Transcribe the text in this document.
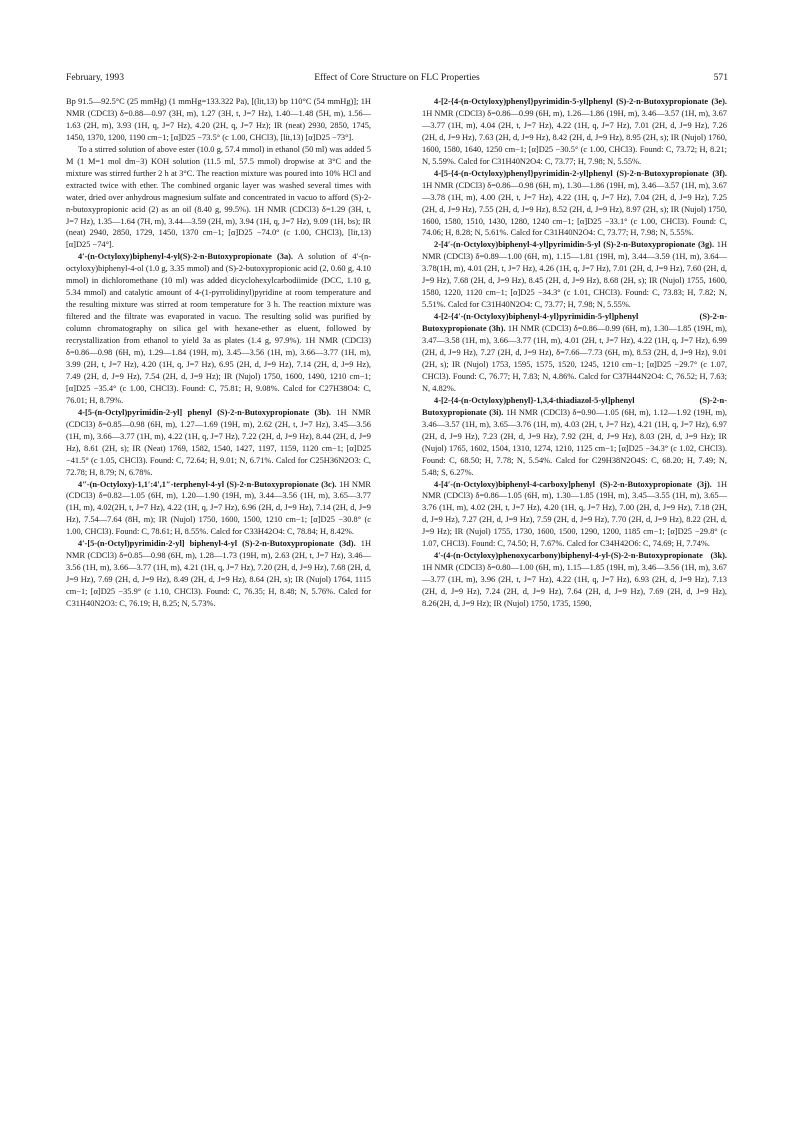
February, 1993	Effect of Core Structure on FLC Properties	571

Bp 91.5—92.5°C (25 mmHg) (1 mmHg=133.322 Pa), [(lit,13) bp 110°C (54 mmHg)]; 1H NMR (CDCl3) δ=0.88—0.97 (3H, m), 1.27 (3H, t, J=7 Hz), 1.40—1.48 (5H, m), 1.56—1.63 (2H, m), 3.93 (1H, q, J=7 Hz), 4.20 (2H, q, J=7 Hz); IR (neat) 2930, 2850, 1745, 1450, 1370, 1200, 1190 cm−1; [α]D25 −73.5° (c 1.00, CHCl3), [lit,13) [α]D25 −73°].

To a stirred solution of above ester (10.0 g, 57.4 mmol) in ethanol (50 ml) was added 5 M (1 M=1 mol dm−3) KOH solution (11.5 ml, 57.5 mmol) dropwise at 3°C and the mixture was stirred further 2 h at 3°C. The reaction mixture was poured into 10% HCl and extracted twice with ether. The combined organic layer was washed several times with water, dried over anhydrous magnesium sulfate and concentrated in vacuo to afford (S)-2-n-butoxypropionic acid (2) as an oil (8.40 g, 99.5%). 1H NMR (CDCl3) δ=1.29 (3H, t, J=7 Hz), 1.35—1.64 (7H, m), 3.44—3.59 (2H, m), 3.94 (1H, q, J=7 Hz), 9.09 (1H, bs); IR (neat) 2940, 2850, 1729, 1450, 1370 cm−1; [α]D25 −74.0° (c 1.00, CHCl3), [lit,13) [α]D25 −74°].

4′-(n-Octyloxy)biphenyl-4-yl(S)-2-n-Butoxypropionate (3a). A solution of 4′-(n-octyloxy)biphenyl-4-ol (1.0 g, 3.35 mmol) and (S)-2-butoxypropionic acid (2, 0.60 g, 4.10 mmol) in dichloromethane (10 ml) was added dicyclohexylcarbodiimide (DCC, 1.10 g, 5.34 mmol) and catalytic amount of 4-(1-pyrrolidinyl)pyridine at room temperature and the resulting mixture was stirred at room temperature for 3 h. The reaction mixture was filtered and the filtrate was evaporated in vacuo. The resulting solid was purified by column chromatography on silica gel with hexane-ether as eluent, followed by recrystallization from ethanol to yield 3a as plates (1.4 g, 97.9%). 1H NMR (CDCl3) δ=0.86—0.98 (6H, m), 1.29—1.84 (19H, m), 3.45—3.56 (1H, m), 3.66—3.77 (1H, m), 3.99 (2H, t, J=7 Hz), 4.20 (1H, q, J=7 Hz), 6.95 (2H, d, J=9 Hz), 7.14 (2H, d, J=9 Hz), 7.49 (2H, d, J=9 Hz), 7.54 (2H, d, J=9 Hz); IR (Nujol) 1750, 1600, 1490, 1210 cm−1; [α]D25 −35.4° (c 1.00, CHCl3). Found: C, 75.81; H, 9.08%. Calcd for C27H38O4: C, 76.01; H, 8.79%.

4-[5-(n-Octyl)pyrimidin-2-yl] phenyl (S)-2-n-Butoxypropionate (3b). 1H NMR (CDCl3) δ=0.85—0.98 (6H, m), 1.27—1.69 (19H, m), 2.62 (2H, t, J=7 Hz), 3.45—3.56 (1H, m), 3.66—3.77 (1H, m), 4.22 (1H, q, J=7 Hz), 7.22 (2H, d, J=9 Hz), 8.44 (2H, d, J=9 Hz), 8.61 (2H, s); IR (Neat) 1769, 1582, 1540, 1427, 1197, 1159, 1120 cm−1; [α]D25 −41.5° (c 1.05, CHCl3). Found: C, 72.64; H, 9.01; N, 6.71%. Calcd for C25H36N2O3: C, 72.78; H, 8.79; N, 6.78%.

4″-(n-Octyloxy)-1,1′:4′,1″-terphenyl-4-yl (S)-2-n-Butoxypropionate (3c). 1H NMR (CDCl3) δ=0.82—1.05 (6H, m), 1.20—1.90 (19H, m), 3.44—3.56 (1H, m), 3.65—3.77 (1H, m), 4.02(2H, t, J=7 Hz), 4.22 (1H, q, J=7 Hz), 6.96 (2H, d, J=9 Hz), 7.14 (2H, d, J=9 Hz), 7.54—7.64 (8H, m); IR (Nujol) 1750, 1600, 1500, 1210 cm−1; [α]D25 −30.8° (c 1.00, CHCl3). Found: C, 78.61; H, 8.55%. Calcd for C33H42O4: C, 78.84; H, 8.42%.

4′-[5-(n-Octyl)pyrimidin-2-yl] biphenyl-4-yl (S)-2-n-Butoxypropionate (3d). 1H NMR (CDCl3) δ=0.85—0.98 (6H, m), 1.28—1.73 (19H, m), 2.63 (2H, t, J=7 Hz), 3.46—3.56 (1H, m), 3.66—3.77 (1H, m), 4.21 (1H, q, J=7 Hz), 7.20 (2H, d, J=9 Hz), 7.68 (2H, d, J=9 Hz), 7.69 (2H, d, J=9 Hz), 8.49 (2H, d, J=9 Hz), 8.64 (2H, s); IR (Nujol) 1764, 1115 cm−1; [α]D25 −35.9° (c 1.10, CHCl3). Found: C, 76.35; H, 8.48; N, 5.76%. Calcd for C31H40N2O3: C, 76.19; H, 8.25; N, 5.73%.

4-[2-{4-(n-Octyloxy)phenyl}pyrimidin-5-yl]phenyl (S)-2-n-Butoxypropionate (3e). 1H NMR (CDCl3) δ=0.86—0.99 (6H, m), 1.26—1.86 (19H, m), 3.46—3.57 (1H, m), 3.67—3.77 (1H, m), 4.04 (2H, t, J=7 Hz), 4.22 (1H, q, J=7 Hz), 7.01 (2H, d, J=9 Hz), 7.26 (2H, d, J=9 Hz), 7.63 (2H, d, J=9 Hz), 8.42 (2H, d, J=9 Hz), 8.95 (2H, s); IR (Nujol) 1760, 1600, 1580, 1640, 1250 cm−1; [α]D25 −30.5° (c 1.00, CHCl3). Found: C, 73.72; H, 8.21; N, 5.59%. Calcd for C31H40N2O4: C, 73.77; H, 7.98; N, 5.55%.

4-[5-{4-(n-Octyloxy)phenyl}pyrimidin-2-yl]phenyl (S)-2-n-Butoxypropionate (3f). 1H NMR (CDCl3) δ=0.86—0.98 (6H, m), 1.30—1.86 (19H, m), 3.46—3.57 (1H, m), 3.67—3.78 (1H, m), 4.00 (2H, t, J=7 Hz), 4.22 (1H, q, J=7 Hz), 7.04 (2H, d, J=9 Hz), 7.25 (2H, d, J=9 Hz), 7.55 (2H, d, J=9 Hz), 8.52 (2H, d, J=9 Hz), 8.97 (2H, s); IR (Nujol) 1750, 1600, 1580, 1510, 1430, 1280, 1240 cm−1; [α]D25 −33.1° (c 1.00, CHCl3). Found: C, 74.06; H, 8.28; N, 5.61%. Calcd for C31H40N2O4: C, 73.77; H, 7.98; N, 5.55%.

2-[4′-(n-Octyloxy)biphenyl-4-yl]pyrimidin-5-yl (S)-2-n-Butoxypropionate (3g). 1H NMR (CDCl3) δ=0.89—1.00 (6H, m), 1.15—1.81 (19H, m), 3.44—3.59 (1H, m), 3.64—3.78(1H, m), 4.01 (2H, t, J=7 Hz), 4.26 (1H, q, J=7 Hz), 7.01 (2H, d, J=9 Hz), 7.60 (2H, d, J=9 Hz), 7.68 (2H, d, J=9 Hz), 8.45 (2H, d, J=9 Hz), 8.68 (2H, s); IR (Nujol) 1755, 1600, 1580, 1220, 1120 cm−1; [α]D25 −34.3° (c 1.01, CHCl3). Found: C, 73.83; H, 7.82; N, 5.51%. Calcd for C31H40N2O4: C, 73.77; H, 7.98; N, 5.55%.

4-[2-{4′-(n-Octyloxy)biphenyl-4-yl}pyrimidin-5-yl]phenyl (S)-2-n-Butoxypropionate (3h). 1H NMR (CDCl3) δ=0.86—0.99 (6H, m), 1.30—1.85 (19H, m), 3.47—3.58 (1H, m), 3.66—3.77 (1H, m), 4.01 (2H, t, J=7 Hz), 4.22 (1H, q, J=7 Hz), 6.99 (2H, d, J=9 Hz), 7.27 (2H, d, J=9 Hz), δ=7.66—7.73 (6H, m), 8.53 (2H, d, J=9 Hz), 9.01 (2H, s); IR (Nujol) 1753, 1595, 1575, 1520, 1245, 1210 cm−1; [α]D25 −29.7° (c 1.07, CHCl3). Found: C, 76.77; H, 7.83; N, 4.86%. Calcd for C37H44N2O4: C, 76.52; H, 7.63; N, 4.82%.

4-[2-{4-(n-Octyloxy)phenyl}-1,3,4-thiadiazol-5-yl]phenyl (S)-2-n-Butoxypropionate (3i). 1H NMR (CDCl3) δ=0.90—1.05 (6H, m), 1.12—1.92 (19H, m), 3.46—3.57 (1H, m), 3.65—3.76 (1H, m), 4.03 (2H, t, J=7 Hz), 4.21 (1H, q, J=7 Hz), 6.97 (2H, d, J=9 Hz), 7.23 (2H, d, J=9 Hz), 7.92 (2H, d, J=9 Hz), 8.03 (2H, d, J=9 Hz); IR (Nujol) 1765, 1602, 1504, 1310, 1274, 1210, 1125 cm−1; [α]D25 −34.3° (c 1.02, CHCl3). Found: C, 68.50; H, 7.78; N, 5.54%. Calcd for C29H38N2O4S: C, 68.20; H, 7.49; N, 5.48; S, 6.27%.

4-[4′-(n-Octyloxy)biphenyl-4-carboxy]phenyl (S)-2-n-Butoxypropionate (3j). 1H NMR (CDCl3) δ=0.86—1.05 (6H, m), 1.30—1.85 (19H, m), 3.45—3.55 (1H, m), 3.65—3.76 (1H, m), 4.02 (2H, t, J=7 Hz), 4.20 (1H, q, J=7 Hz), 7.00 (2H, d, J=9 Hz), 7.18 (2H, d, J=9 Hz), 7.27 (2H, d, J=9 Hz), 7.59 (2H, d, J=9 Hz), 7.70 (2H, d, J=9 Hz), 8.22 (2H, d, J=9 Hz); IR (Nujol) 1755, 1730, 1600, 1500, 1290, 1200, 1185 cm−1; [α]D25 −29.8° (c 1.07, CHCl3). Found: C, 74.50; H, 7.67%. Calcd for C34H42O6: C, 74.69; H, 7.74%.

4′-(4-(n-Octyloxy)phenoxycarbony)biphenyl-4-yl-(S)-2-n-Butoxypropionate (3k). 1H NMR (CDCl3) δ=0.80—1.00 (6H, m), 1.15—1.85 (19H, m), 3.46—3.56 (1H, m), 3.67—3.77 (1H, m), 3.96 (2H, t, J=7 Hz), 4.22 (1H, q, J=7 Hz), 6.93 (2H, d, J=9 Hz), 7.13 (2H, d, J=9 Hz), 7.24 (2H, d, J=9 Hz), 7.64 (2H, d, J=9 Hz), 7.69 (2H, d, J=9 Hz), 8.26(2H, d, J=9 Hz); IR (Nujol) 1750, 1735, 1590,
